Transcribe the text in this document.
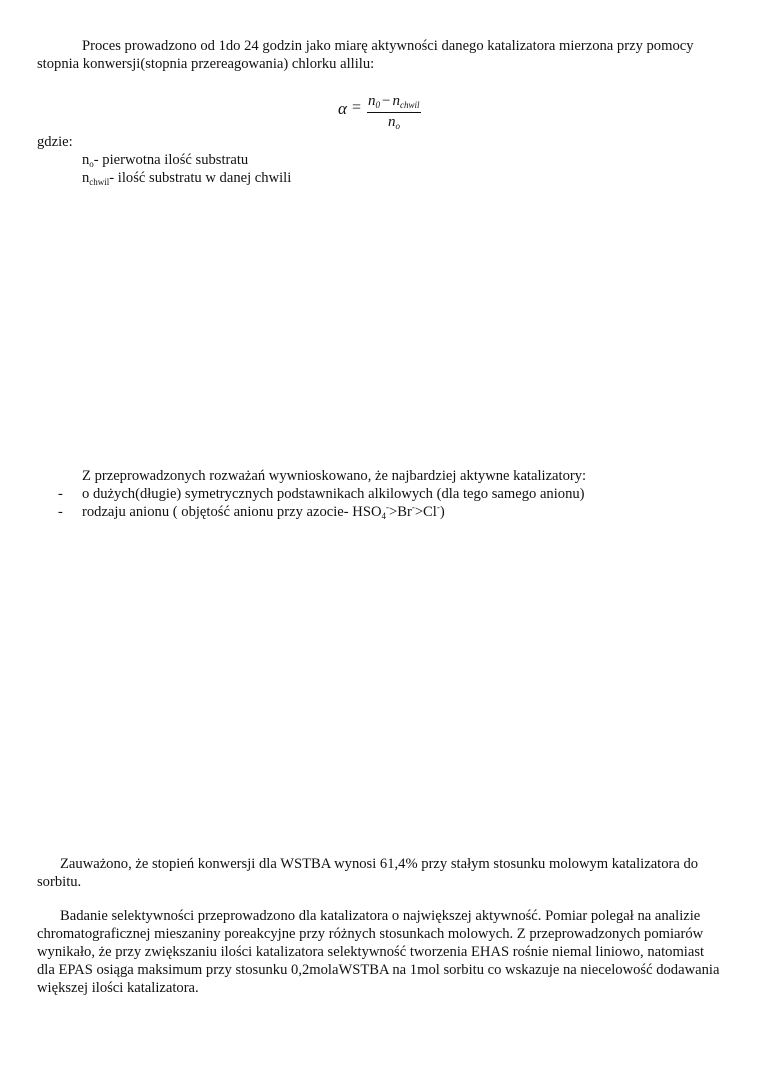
Proces prowadzono od 1do 24 godzin jako miarę aktywności danego katalizatora mierzona przy pomocy stopnia konwersji(stopnia przereagowania) chlorku allilu:

$\alpha = n_0 - n_{chwil}$
$n_o$

gdzie:

$n_o-$ pierwotna ilość substratu

$n_{chwil}-$ ilość substratu w danej chwili

Z przeprowadzonych rozważań wywnioskowano, że najbardziej aktywne katalizatory:

- o dużych(długie) symetrycznych podstawnikach alkilowych (dla tego samego anionu)
- rodzaju anionu ( objętość anionu przy azocie- $HSO_4^->Br^->Cl^-$)

Zauważono, że stopień konwersji dla WSTBA wynosi 61,4% przy stałym stosunku molowym katalizatora do sorbitu.

Badanie selektywności przeprowadzono dla katalizatora o największej aktywność. Pomiar polegał na analizie chromatograficznej mieszaniny poreakcyjne przy różnych stosunkach molowych. Z przeprowadzonych pomiarów wynikało, że przy zwiększaniu ilości katalizatora selektywność tworzenia EHAS rośnie niemal liniowo, natomiast dla EPAS osiąga maksimum przy stosunku 0,2molaWSTBA na 1mol sorbitu co wskazuje na niecelowość dodawania większej ilości katalizatora.
